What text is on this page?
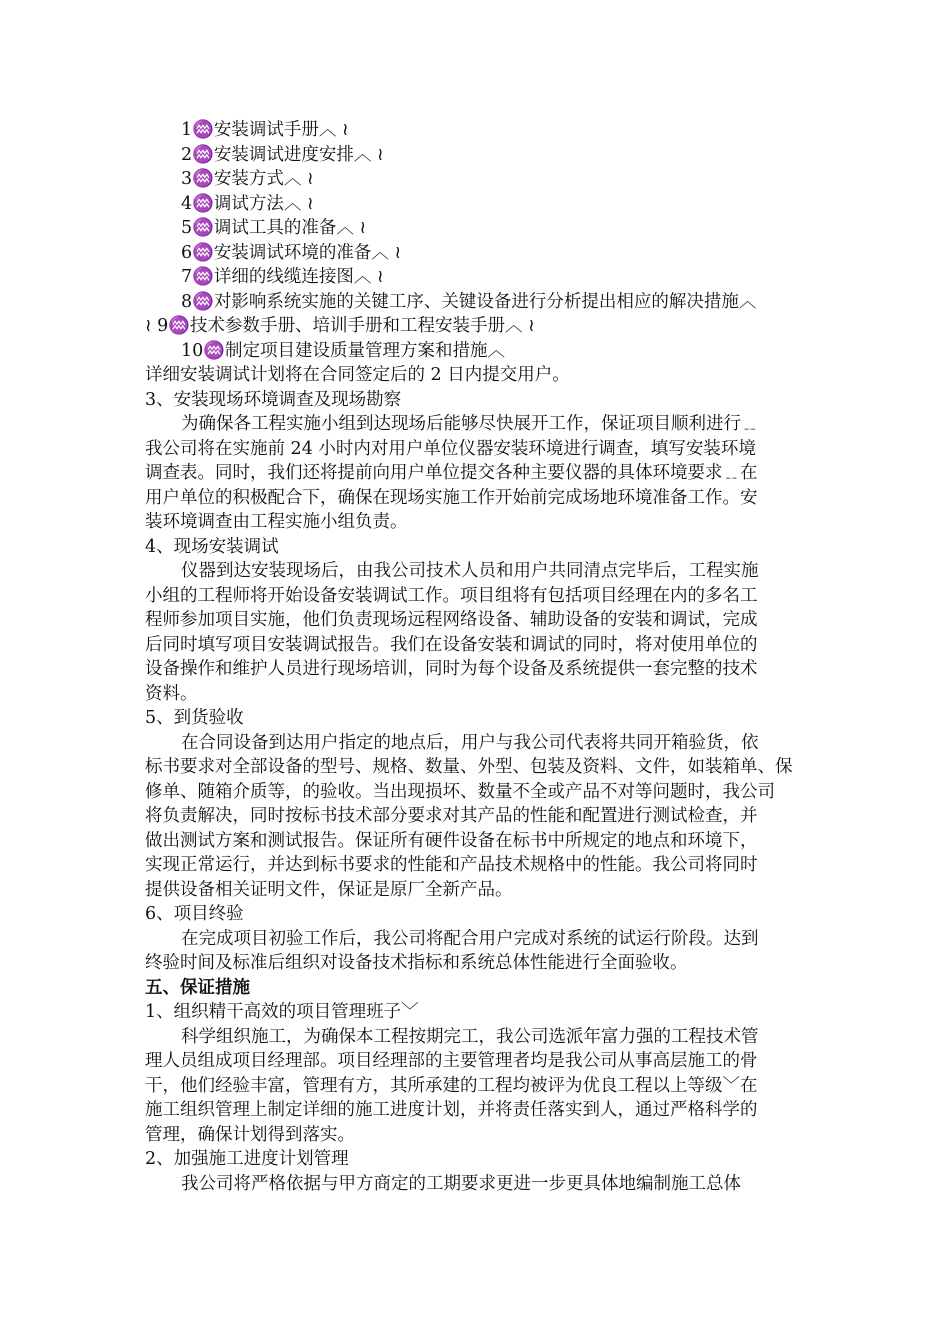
1♒安装调试手册︿ ≀
2♒安装调试进度安排︿ ≀
3♒安装方式︿ ≀
4♒调试方法︿ ≀
5♒调试工具的准备︿ ≀
6♒安装调试环境的准备︿ ≀
7♒详细的线缆连接图︿ ≀
8♒对影响系统实施的关键工序、关键设备进行分析提出相应的解决措施︿
≀ 9♒技术参数手册、培训手册和工程安装手册︿ ≀
10♒制定项目建设质量管理方案和措施︿
详细安装调试计划将在合同签定后的 2 日内提交用户。
3、安装现场环境调查及现场勘察
为确保各工程实施小组到达现场后能够尽快展开工作，保证项目顺利进行﹎
我公司将在实施前 24 小时内对用户单位仪器安装环境进行调查，填写安装环境
调查表。同时，我们还将提前向用户单位提交各种主要仪器的具体环境要求﹎在
用户单位的积极配合下，确保在现场实施工作开始前完成场地环境准备工作。安
装环境调查由工程实施小组负责。
4、现场安装调试
仪器到达安装现场后，由我公司技术人员和用户共同清点完毕后，工程实施
小组的工程师将开始设备安装调试工作。项目组将有包括项目经理在内的多名工
程师参加项目实施，他们负责现场远程网络设备、辅助设备的安装和调试，完成
后同时填写项目安装调试报告。我们在设备安装和调试的同时，将对使用单位的
设备操作和维护人员进行现场培训，同时为每个设备及系统提供一套完整的技术
资料。
5、到货验收
在合同设备到达用户指定的地点后，用户与我公司代表将共同开箱验货，依
标书要求对全部设备的型号、规格、数量、外型、包装及资料、文件，如装箱单、保
修单、随箱介质等，的验收。当出现损坏、数量不全或产品不对等问题时，我公司
将负责解决，同时按标书技术部分要求对其产品的性能和配置进行测试检查，并
做出测试方案和测试报告。保证所有硬件设备在标书中所规定的地点和环境下，
实现正常运行，并达到标书要求的性能和产品技术规格中的性能。我公司将同时
提供设备相关证明文件，保证是原厂全新产品。
6、项目终验
在完成项目初验工作后，我公司将配合用户完成对系统的试运行阶段。达到
终验时间及标准后组织对设备技术指标和系统总体性能进行全面验收。
五、保证措施
1、组织精干高效的项目管理班子﹀
科学组织施工，为确保本工程按期完工，我公司选派年富力强的工程技术管
理人员组成项目经理部。项目经理部的主要管理者均是我公司从事高层施工的骨
干，他们经验丰富，管理有方，其所承建的工程均被评为优良工程以上等级﹀在
施工组织管理上制定详细的施工进度计划，并将责任落实到人，通过严格科学的
管理，确保计划得到落实。
2、加强施工进度计划管理
我公司将严格依据与甲方商定的工期要求更进一步更具体地编制施工总体
